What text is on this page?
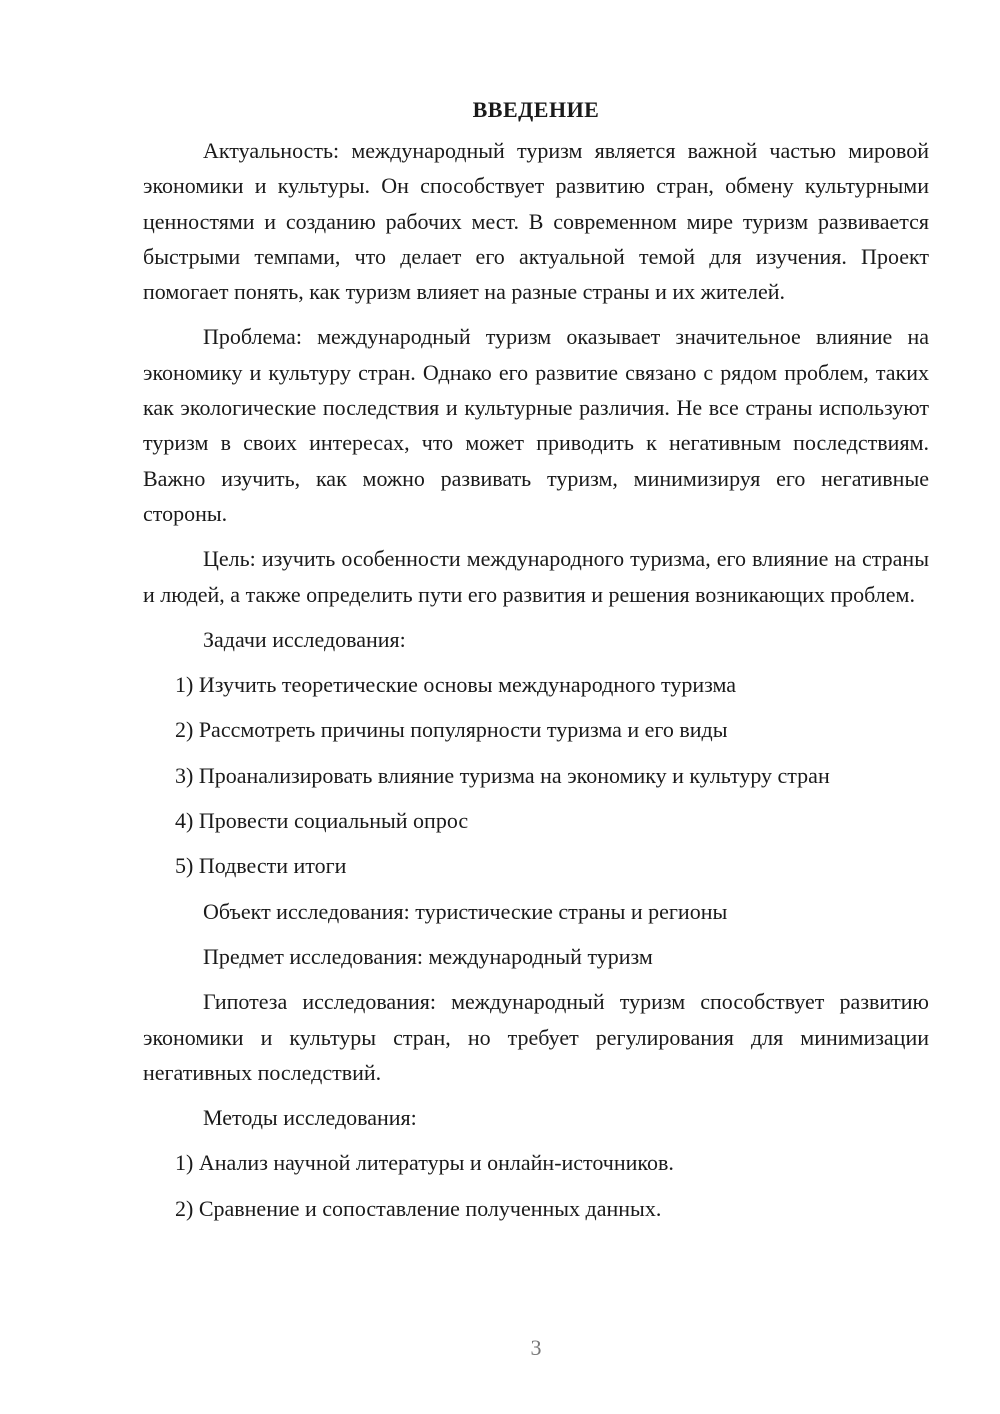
ВВЕДЕНИЕ

Актуальность: международный туризм является важной частью мировой экономики и культуры. Он способствует развитию стран, обмену культурными ценностями и созданию рабочих мест. В современном мире туризм развивается быстрыми темпами, что делает его актуальной темой для изучения. Проект помогает понять, как туризм влияет на разные страны и их жителей.

Проблема: международный туризм оказывает значительное влияние на экономику и культуру стран. Однако его развитие связано с рядом проблем, таких как экологические последствия и культурные различия. Не все страны используют туризм в своих интересах, что может приводить к негативным последствиям. Важно изучить, как можно развивать туризм, минимизируя его негативные стороны.

Цель: изучить особенности международного туризма, его влияние на страны и людей, а также определить пути его развития и решения возникающих проблем.

Задачи исследования:
1) Изучить теоретические основы международного туризма
2) Рассмотреть причины популярности туризма и его виды
3) Проанализировать влияние туризма на экономику и культуру стран
4) Провести социальный опрос
5) Подвести итоги
Объект исследования: туристические страны и регионы
Предмет исследования: международный туризм

Гипотеза исследования: международный туризм способствует развитию экономики и культуры стран, но требует регулирования для минимизации негативных последствий.

Методы исследования:
1) Анализ научной литературы и онлайн-источников.
2) Сравнение и сопоставление полученных данных.
3
